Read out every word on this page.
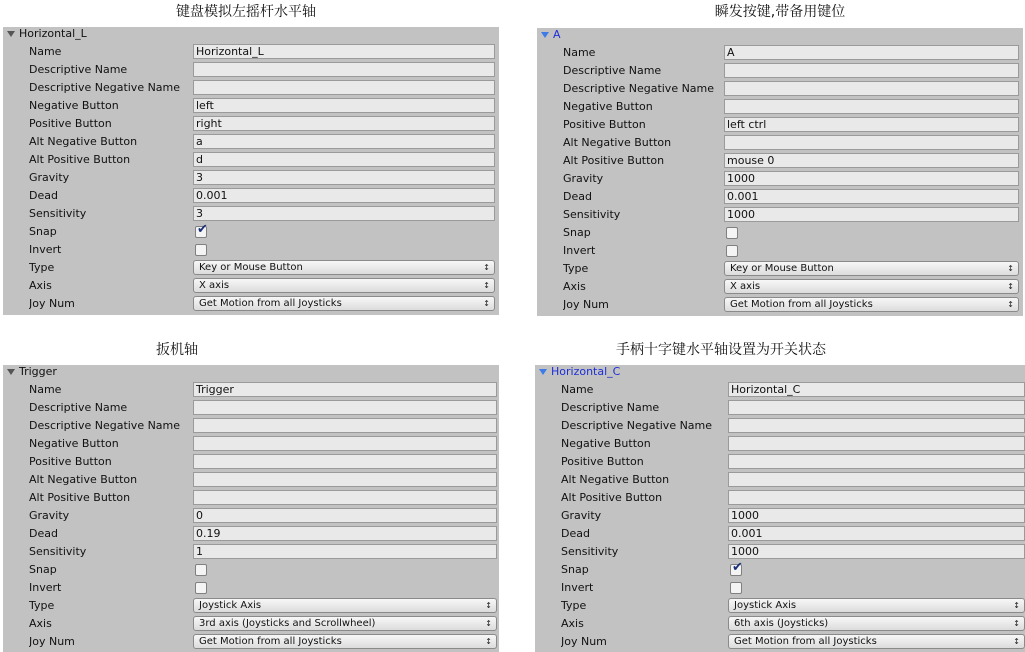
键盘模拟左摇杆水平轴
Horizontal_L
Name	Horizontal_L
Descriptive Name
Descriptive Negative Name
Negative Button	left
Positive Button	right
Alt Negative Button	a
Alt Positive Button	d
Gravity	3
Dead	0.001
Sensitivity	3
Snap	✔
Invert
Type	Key or Mouse Button	↕
Axis	X axis	↕
Joy Num	Get Motion from all Joysticks	↕
瞬发按键,带备用键位
A
Name	A
Descriptive Name
Descriptive Negative Name
Negative Button
Positive Button	left ctrl
Alt Negative Button
Alt Positive Button	mouse 0
Gravity	1000
Dead	0.001
Sensitivity	1000
Snap
Invert
Type	Key or Mouse Button	↕
Axis	X axis	↕
Joy Num	Get Motion from all Joysticks	↕
扳机轴
Trigger
Name	Trigger
Descriptive Name
Descriptive Negative Name
Negative Button
Positive Button
Alt Negative Button
Alt Positive Button
Gravity	0
Dead	0.19
Sensitivity	1
Snap
Invert
Type	Joystick Axis	↕
Axis	3rd axis (Joysticks and Scrollwheel)	↕
Joy Num	Get Motion from all Joysticks	↕
手柄十字键水平轴设置为开关状态
Horizontal_C
Name	Horizontal_C
Descriptive Name
Descriptive Negative Name
Negative Button
Positive Button
Alt Negative Button
Alt Positive Button
Gravity	1000
Dead	0.001
Sensitivity	1000
Snap	✔
Invert
Type	Joystick Axis	↕
Axis	6th axis (Joysticks)	↕
Joy Num	Get Motion from all Joysticks	↕
